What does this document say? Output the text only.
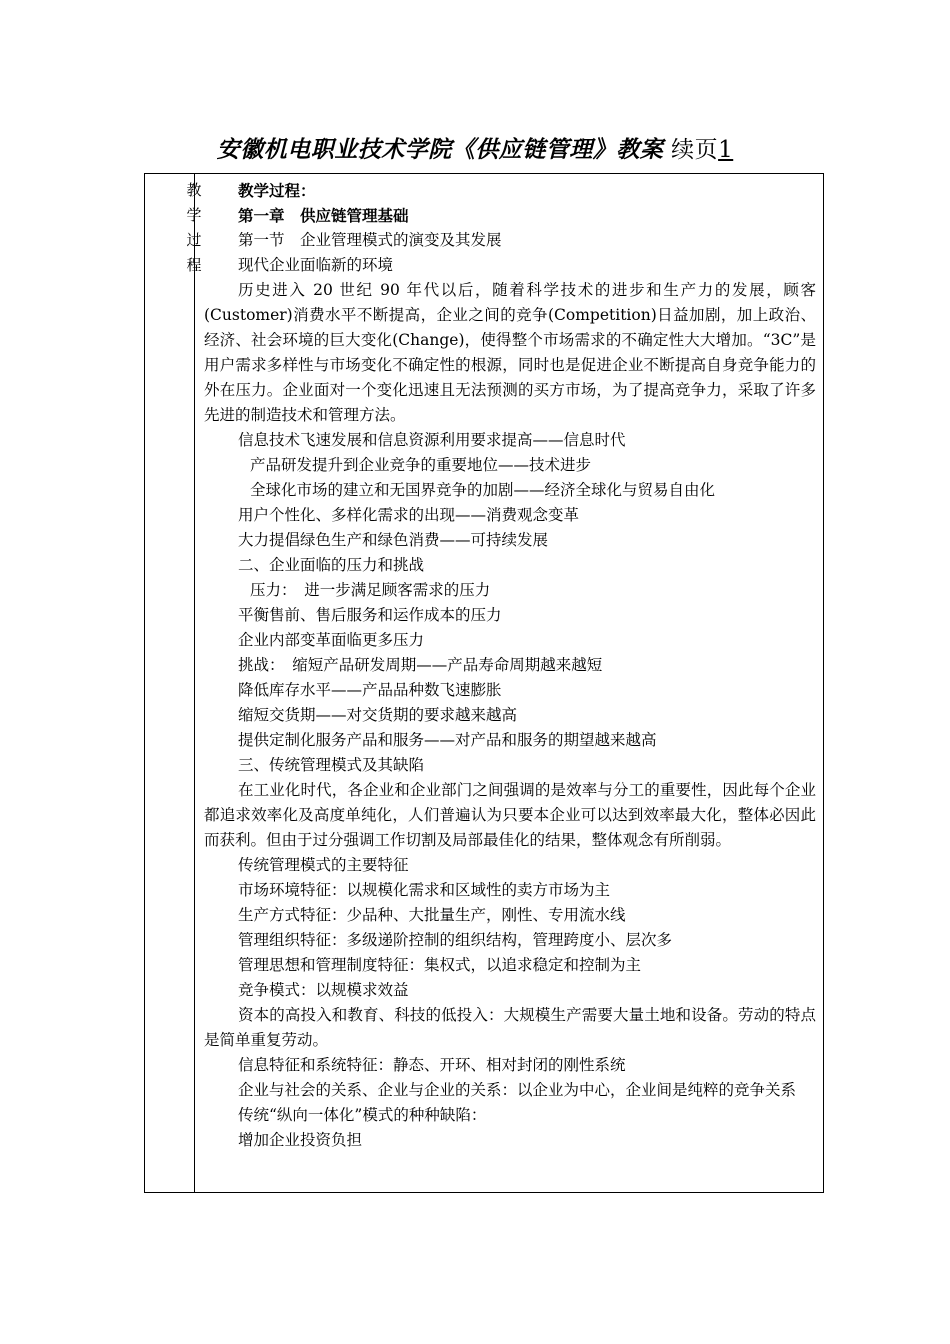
安徽机电职业技术学院《供应链管理》教案 续页1
教
学
过
程

教学过程：

第一章　供应链管理基础

第一节　企业管理模式的演变及其发展

现代企业面临新的环境

历史进入 20 世纪 90 年代以后，随着科学技术的进步和生产力的发展，顾客(Customer)消费水平不断提高，企业之间的竞争(Competition)日益加剧，加上政治、经济、社会环境的巨大变化(Change)，使得整个市场需求的不确定性大大增加。“3C”是用户需求多样性与市场变化不确定性的根源，同时也是促进企业不断提高自身竞争能力的外在压力。企业面对一个变化迅速且无法预测的买方市场，为了提高竞争力，采取了许多先进的制造技术和管理方法。

信息技术飞速发展和信息资源利用要求提高——信息时代

产品研发提升到企业竞争的重要地位——技术进步

全球化市场的建立和无国界竞争的加剧——经济全球化与贸易自由化

用户个性化、多样化需求的出现——消费观念变革

大力提倡绿色生产和绿色消费——可持续发展

二、企业面临的压力和挑战

压力：　进一步满足顾客需求的压力

平衡售前、售后服务和运作成本的压力

企业内部变革面临更多压力

挑战：　缩短产品研发周期——产品寿命周期越来越短

降低库存水平——产品品种数飞速膨胀

缩短交货期——对交货期的要求越来越高

提供定制化服务产品和服务——对产品和服务的期望越来越高

三、传统管理模式及其缺陷

在工业化时代，各企业和企业部门之间强调的是效率与分工的重要性，因此每个企业都追求效率化及高度单纯化，人们普遍认为只要本企业可以达到效率最大化，整体必因此而获利。但由于过分强调工作切割及局部最佳化的结果，整体观念有所削弱。

传统管理模式的主要特征

市场环境特征：以规模化需求和区域性的卖方市场为主

生产方式特征：少品种、大批量生产，刚性、专用流水线

管理组织特征：多级递阶控制的组织结构，管理跨度小、层次多

管理思想和管理制度特征：集权式，以追求稳定和控制为主

竞争模式：以规模求效益

资本的高投入和教育、科技的低投入：大规模生产需要大量土地和设备。劳动的特点是简单重复劳动。

信息特征和系统特征：静态、开环、相对封闭的刚性系统

企业与社会的关系、企业与企业的关系：以企业为中心，企业间是纯粹的竞争关系

传统“纵向一体化”模式的种种缺陷：

增加企业投资负担
